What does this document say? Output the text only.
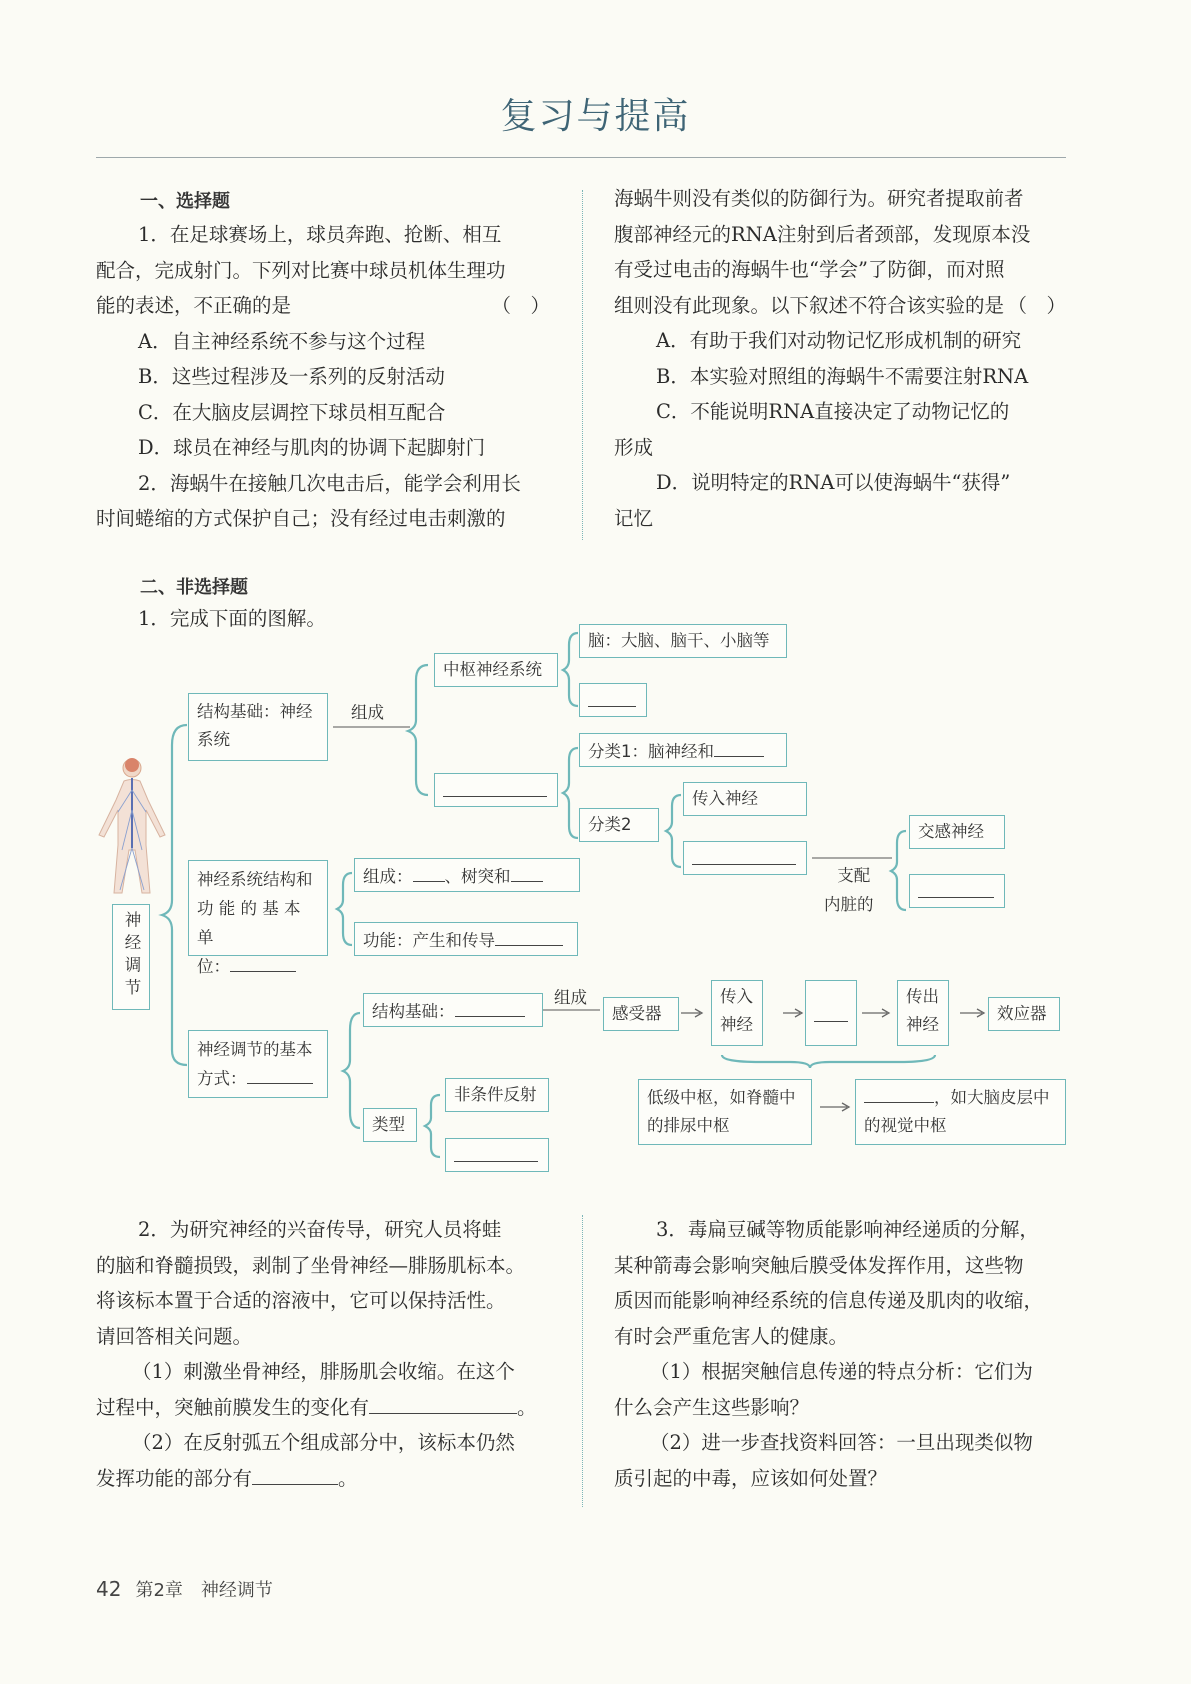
复习与提高
一、选择题
1．在足球赛场上，球员奔跑、抢断、相互
配合，完成射门。下列对比赛中球员机体生理功
能的表述，不正确的是	（　）
A．自主神经系统不参与这个过程
B．这些过程涉及一系列的反射活动
C．在大脑皮层调控下球员相互配合
D．球员在神经与肌肉的协调下起脚射门
2．海蜗牛在接触几次电击后，能学会利用长
时间蜷缩的方式保护自己；没有经过电击刺激的
海蜗牛则没有类似的防御行为。研究者提取前者
腹部神经元的RNA注射到后者颈部，发现原本没
有受过电击的海蜗牛也“学会”了防御，而对照
组则没有此现象。以下叙述不符合该实验的是 （　）
A．有助于我们对动物记忆形成机制的研究
B．本实验对照组的海蜗牛不需要注射RNA
C．不能说明RNA直接决定了动物记忆的
形成
D．说明特定的RNA可以使海蜗牛“获得”
记忆
二、非选择题
1．完成下面的图解。
神经调节
结构基础：神经
系统
组成
中枢神经系统
脑：大脑、脑干、小脑等
分类1：脑神经和
分类2
传入神经
支配
内脏的
交感神经
神经系统结构和
功 能 的 基 本 单
位：
组成： 、树突和
功能：产生和传导
神经调节的基本
方式：
结构基础：
组成
感受器
传入
神经
传出
神经
效应器
类型
非条件反射	低级中枢，如脊髓中
的排尿中枢
，如大脑皮层中
的视觉中枢
2．为研究神经的兴奋传导，研究人员将蛙
的脑和脊髓损毁，剥制了坐骨神经—腓肠肌标本。
将该标本置于合适的溶液中，它可以保持活性。
请回答相关问题。
（1）刺激坐骨神经，腓肠肌会收缩。在这个
过程中，突触前膜发生的变化有	。
（2）在反射弧五个组成部分中，该标本仍然
发挥功能的部分有	。
3．毒扁豆碱等物质能影响神经递质的分解，
某种箭毒会影响突触后膜受体发挥作用，这些物
质因而能影响神经系统的信息传递及肌肉的收缩，
有时会严重危害人的健康。
（1）根据突触信息传递的特点分析：它们为
什么会产生这些影响？
（2）进一步查找资料回答：一旦出现类似物
质引起的中毒，应该如何处置？
42 第2章　神经调节
